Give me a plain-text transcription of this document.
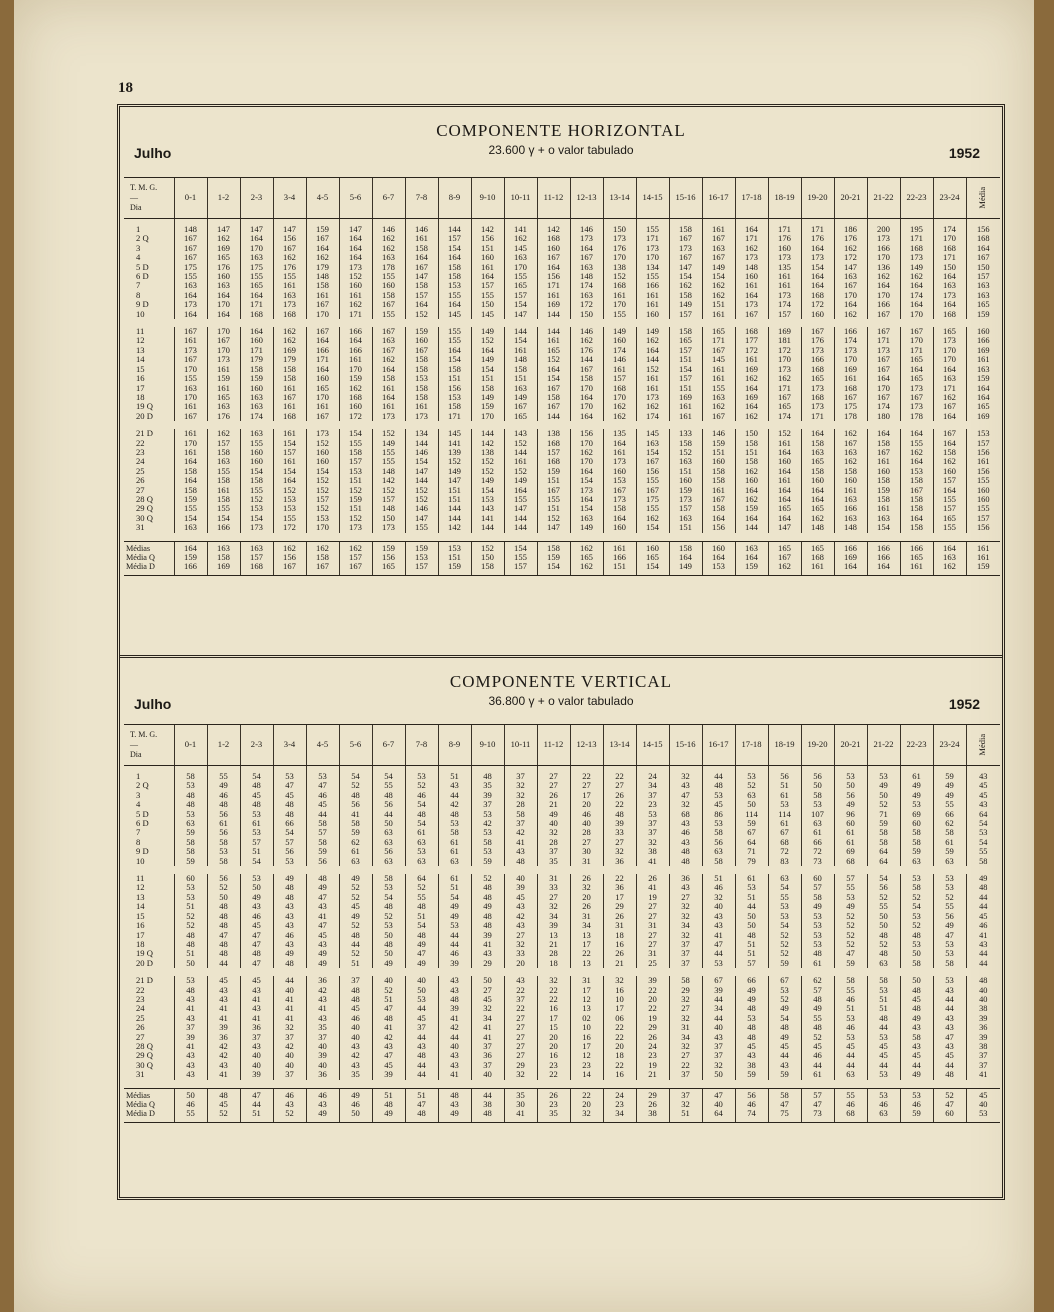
18
COMPONENTE HORIZONTAL
23.600 γ + o valor tabulado
Julho	1952
T. M. G.
—
Dia	0-1	1-2	2-3	3-4	4-5	5-6	6-7	7-8	8-9	9-10	10-11	11-12	12-13	13-14	14-15	15-16	16-17	17-18	18-19	19-20	20-21	21-22	22-23	23-24	Média
1	148	147	147	147	159	147	146	146	144	142	141	142	146	150	155	158	161	164	171	171	186	200	195	174	156
2 Q	167	162	164	156	167	164	162	161	157	156	162	168	173	173	171	167	167	171	176	176	176	173	171	170	168
3	167	169	170	167	164	164	162	158	154	151	145	160	164	176	173	173	163	162	160	164	162	166	168	168	164
4	167	165	163	162	162	164	163	164	164	160	163	167	167	170	170	167	167	173	173	173	172	170	173	171	167
5 D	175	176	175	176	179	173	178	167	158	161	170	164	163	138	134	147	149	148	135	154	147	136	149	150	150
6 D	155	160	155	155	148	152	155	147	158	164	155	156	148	152	155	154	154	160	161	164	163	162	162	164	157
7	163	163	165	161	158	160	160	158	153	157	165	171	174	168	166	162	162	161	161	164	167	164	164	163	163
8	164	164	164	163	161	161	158	157	155	155	157	161	163	161	161	158	162	164	173	168	170	170	174	173	163
9 D	173	170	171	173	167	162	167	164	164	150	154	169	172	170	161	149	151	173	174	172	164	166	164	164	165
10	164	164	168	168	170	171	155	152	145	145	147	144	150	155	160	157	161	167	157	160	162	167	170	168	159

11	167	170	164	162	167	166	167	159	155	149	144	144	146	149	149	158	165	168	169	167	166	167	167	165	160
12	161	167	160	162	164	164	163	160	155	152	154	161	162	160	162	165	171	177	181	176	174	171	170	173	166
13	173	170	171	169	166	166	167	167	164	164	161	165	176	174	164	157	167	172	172	173	173	173	171	170	169
14	167	173	179	179	171	161	162	158	154	149	148	152	144	146	144	151	145	161	170	166	170	167	165	170	161
15	170	161	158	158	164	170	164	158	158	154	158	164	167	161	152	154	161	169	173	168	169	167	164	164	163
16	155	159	159	158	160	159	158	153	151	151	151	154	158	157	161	157	161	162	162	165	161	164	165	163	159
17	163	161	160	161	165	162	161	158	156	158	163	167	170	168	161	151	155	164	171	173	168	170	173	171	164
18	170	165	163	167	170	168	164	158	153	149	149	158	164	170	173	169	163	169	167	168	167	167	167	162	164
19 Q	161	163	163	161	161	160	161	161	158	159	167	167	170	162	162	161	162	164	165	173	175	174	173	167	165
20 D	167	176	174	168	167	172	173	173	171	170	165	144	164	162	174	161	167	162	174	171	178	180	178	164	169

21 D	161	162	163	161	173	154	152	134	145	144	143	138	156	135	145	133	146	150	152	164	162	164	164	167	153
22	170	157	155	154	152	155	149	144	141	142	152	168	170	164	163	158	159	158	161	158	167	158	155	164	157
23	161	158	160	157	160	158	155	146	139	138	144	157	162	161	154	152	151	151	164	163	163	167	162	158	156
24	164	163	160	161	160	157	155	154	152	152	161	168	170	173	167	163	160	158	160	165	162	161	164	162	161
25	158	155	154	154	154	153	148	147	149	152	152	159	164	160	156	151	158	162	164	158	158	160	153	160	156
26	164	158	158	164	152	151	142	144	147	149	149	151	154	153	155	160	158	160	161	160	160	158	158	157	155
27	158	161	155	152	152	152	152	152	151	154	164	167	173	167	167	159	161	164	164	164	161	159	167	164	160
28 Q	159	158	152	153	157	159	157	152	151	153	155	155	164	173	175	173	167	162	164	164	163	158	158	155	160
29 Q	155	155	153	153	152	151	148	146	144	143	147	151	154	158	155	157	158	159	165	165	166	161	158	157	155
30 Q	154	154	154	155	153	152	150	147	144	141	144	152	163	164	162	163	164	164	164	162	163	163	164	165	157
31	163	166	173	172	170	173	173	155	142	144	144	147	149	160	154	151	156	144	147	148	148	154	158	155	156

Médias	164	163	163	162	162	162	159	159	153	152	154	158	162	161	160	158	160	163	165	165	166	166	166	164	161
Média Q	159	158	157	156	158	157	156	153	151	150	155	159	165	166	165	164	164	164	167	168	169	166	165	163	161
Média D	166	169	168	167	167	167	165	157	159	158	157	154	162	151	154	149	153	159	162	161	164	164	161	162	159
COMPONENTE VERTICAL
36.800 γ + o valor tabulado
Julho	1952
T. M. G.
—
Dia	0-1	1-2	2-3	3-4	4-5	5-6	6-7	7-8	8-9	9-10	10-11	11-12	12-13	13-14	14-15	15-16	16-17	17-18	18-19	19-20	20-21	21-22	22-23	23-24	Média
1	58	55	54	53	53	54	54	53	51	48	37	27	22	22	24	32	44	53	56	56	53	53	61	59	43
2 Q	53	49	48	47	47	52	55	52	43	35	32	27	27	27	34	43	48	52	51	50	50	49	49	49	45
3	48	46	45	45	46	48	48	46	44	39	32	26	17	26	37	47	53	63	61	58	56	50	49	49	45
4	48	48	48	48	45	56	56	54	42	37	28	21	20	22	23	32	45	50	53	53	49	52	53	55	43
5 D	53	56	53	48	44	41	44	48	48	53	58	49	46	48	53	68	86	114	114	107	96	71	69	66	64
6 D	63	61	61	66	58	58	50	54	53	42	37	40	40	39	37	43	53	59	61	63	60	59	60	62	54
7	59	56	53	54	57	59	63	61	58	53	42	32	28	33	37	46	58	67	67	61	61	58	58	58	53
8	58	58	57	57	58	62	63	63	61	58	41	28	27	27	32	43	56	64	68	66	61	58	58	61	54
9 D	58	53	51	56	59	61	56	53	61	53	43	37	30	32	38	48	63	71	72	72	69	64	59	59	55
10	59	58	54	53	56	63	63	63	63	59	48	35	31	36	41	48	58	79	83	73	68	64	63	63	58

11	60	56	53	49	48	49	58	64	61	52	40	31	26	22	26	36	51	61	63	60	57	54	53	53	49
12	53	52	50	48	49	52	53	52	51	48	39	33	32	36	41	43	46	53	54	57	55	56	58	53	48
13	53	50	49	48	47	52	54	55	54	48	45	27	20	17	19	27	32	51	55	58	53	52	52	52	44
14	51	48	43	43	43	45	48	48	49	49	43	32	26	29	27	32	40	44	53	49	49	55	54	55	44
15	52	48	46	43	41	49	52	51	49	48	42	34	31	26	27	32	43	50	53	53	52	50	53	56	45
16	52	48	45	43	47	52	53	54	53	48	43	39	34	31	31	34	43	50	54	53	52	50	52	49	46
17	48	47	47	46	45	48	50	48	44	39	27	13	13	18	27	32	41	48	52	53	52	48	48	47	41
18	48	48	47	43	43	44	48	49	44	41	32	21	17	16	27	37	47	51	52	53	52	52	53	53	43
19 Q	51	48	48	49	49	52	50	47	46	43	33	28	22	26	31	37	44	51	52	48	47	48	50	53	44
20 D	50	44	47	48	49	51	49	49	39	29	20	18	13	21	25	37	53	57	59	61	59	63	58	58	44

21 D	53	45	45	44	36	37	40	40	43	50	43	32	31	32	39	58	67	66	67	62	58	58	50	53	48
22	48	43	43	40	42	48	52	50	43	27	22	22	17	16	22	29	39	49	53	57	55	53	48	43	40
23	43	43	41	41	43	48	51	53	48	45	37	22	12	10	20	32	44	49	52	48	46	51	45	44	40
24	41	41	43	41	41	45	47	44	39	32	22	16	13	17	22	27	34	48	49	49	51	51	48	44	38
25	43	41	41	41	43	46	48	45	41	34	27	17	02	06	19	32	44	53	54	55	53	48	49	43	39
26	37	39	36	32	35	40	41	37	42	41	27	15	10	22	29	31	40	48	48	48	46	44	43	43	36
27	39	36	37	37	37	40	42	44	44	41	27	20	16	22	26	34	43	48	49	52	53	53	58	47	39
28 Q	41	42	43	42	40	43	43	43	40	37	27	20	17	20	24	32	37	45	45	45	45	45	43	43	38
29 Q	43	42	40	40	39	42	47	48	43	36	27	16	12	18	23	27	37	43	44	46	44	45	45	45	37
30 Q	43	43	40	40	40	43	45	44	43	37	29	23	23	22	19	22	32	38	43	44	44	44	44	44	37
31	43	41	39	37	36	35	39	44	41	40	32	22	14	16	21	37	50	59	59	61	63	53	49	48	41

Médias	50	48	47	46	46	49	51	51	48	44	35	26	22	24	29	37	47	56	58	57	55	53	53	52	45
Média Q	46	45	44	43	43	46	48	47	43	38	30	23	20	23	26	32	40	46	47	47	46	46	46	47	40
Média D	55	52	51	52	49	50	49	48	49	48	41	35	32	34	38	51	64	74	75	73	68	63	59	60	53
